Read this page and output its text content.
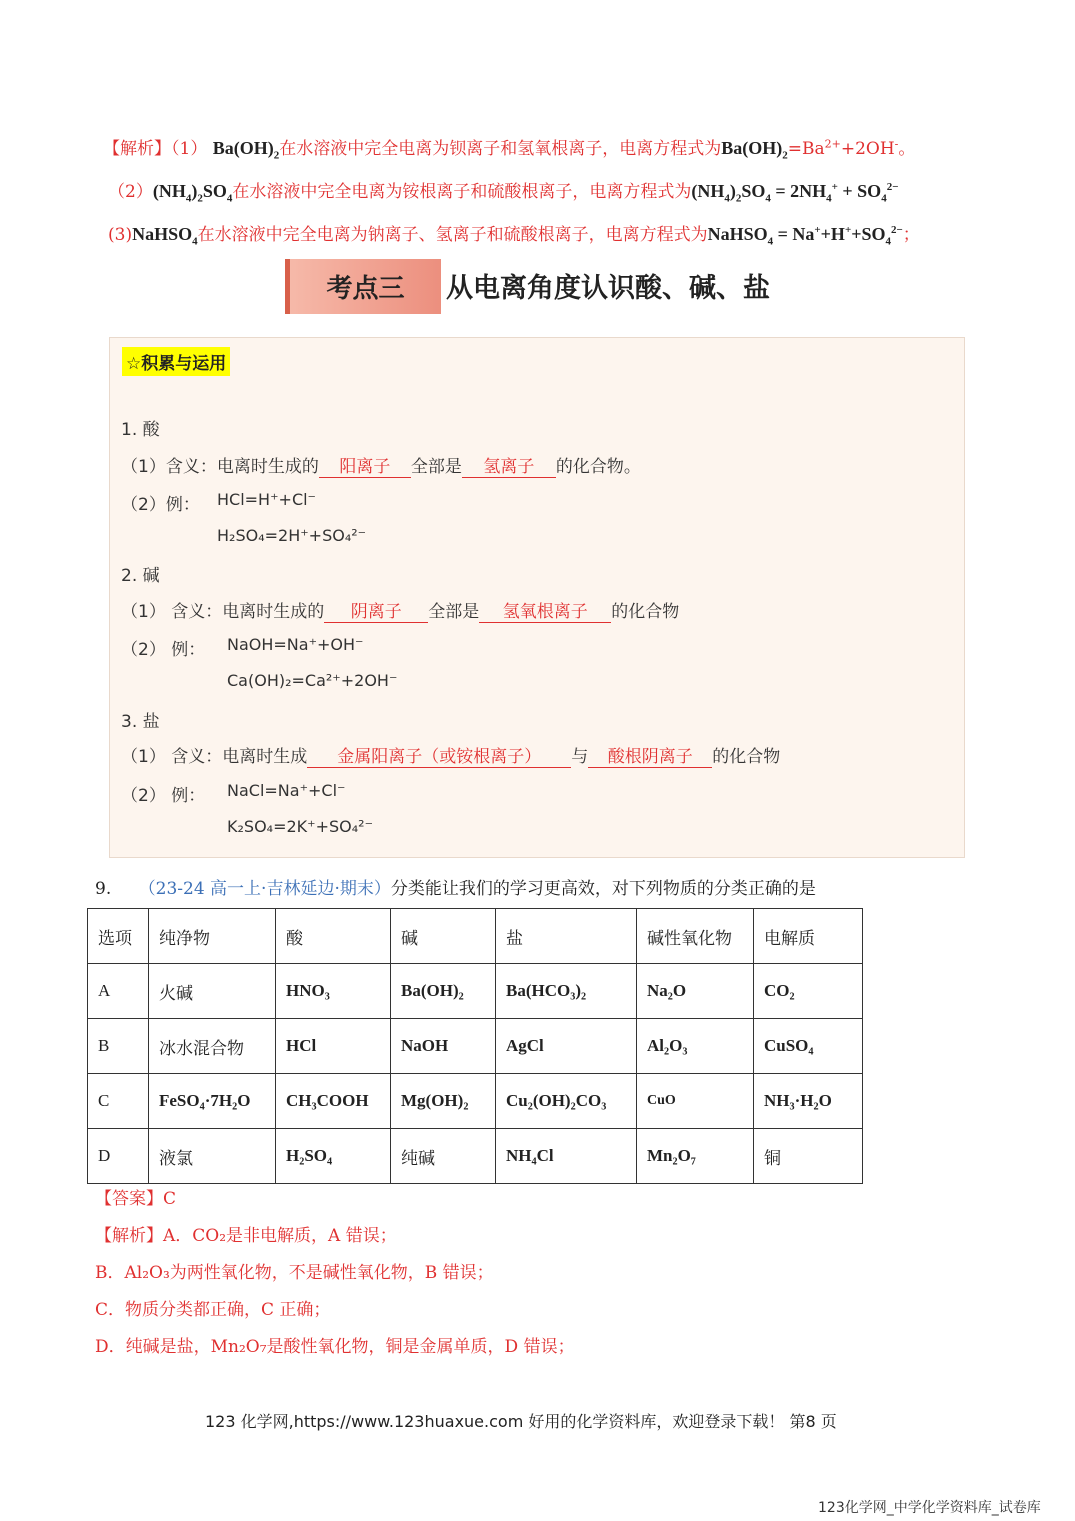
【解析】（1） $Ba(OH)_2$在水溶液中完全电离为钡离子和氢氧根离子，电离方程式为$Ba(OH)_2=Ba^{2+}+2OH^-$。
$(2)(NH_4)_2SO_4$在水溶液中完全电离为铵根离子和硫酸根离子，电离方程式为$(NH_4)_2SO_4 = 2NH_4^+ + SO_4^{2-}$
(3)NaHSO$_4$在水溶液中完全电离为钠离子、氢离子和硫酸根离子，电离方程式为NaHSO$_4$ = $Na^++H^++SO_4^{2-}$；
考点三	从电离角度认识酸、碱、盐
☆积累与运用
1. 酸
（1）含义：电离时生成的 阳离子 全部是 氢离子 的化合物。
（2）例： HCl=H⁺+Cl⁻
H₂SO₄=2H⁺+SO₄²⁻
2. 碱
（1） 含义：电离时生成的 阴离子 全部是 氢氧根离子 的化合物
（2） 例： NaOH=Na⁺+OH⁻
Ca(OH)₂=Ca²⁺+2OH⁻
3. 盐
（1） 含义：电离时生成 金属阳离子（或铵根离子） 与 酸根阴离子 的化合物
（2） 例： NaCl=Na⁺+Cl⁻
K₂SO₄=2K⁺+SO₄²⁻
9. （23-24 高一上·吉林延边·期末）分类能让我们的学习更高效，对下列物质的分类正确的是
选项	纯净物	酸	碱	盐	碱性氧化物	电解质
A	火碱	HNO₃	Ba(OH)₂	Ba(HCO₃)₂	Na₂O	CO₂
B	冰水混合物	HCl	NaOH	AgCl	Al₂O₃	CuSO₄
C	FeSO₄·7H₂O	CH₃COOH	Mg(OH)₂	Cu₂(OH)₂CO₃	CuO	NH₃·H₂O
D	液氯	H₂SO₄	纯碱	NH₄Cl	Mn₂O₇	铜
【答案】C
【解析】A．CO₂是非电解质，A 错误；
B．Al₂O₃为两性氧化物，不是碱性氧化物，B 错误；
C．物质分类都正确，C 正确；
D．纯碱是盐，Mn₂O₇是酸性氧化物，铜是金属单质，D 错误；
123 化学网,https://www.123huaxue.com 好用的化学资料库，欢迎登录下载！ 第8 页
123化学网_中学化学资料库_试卷库
